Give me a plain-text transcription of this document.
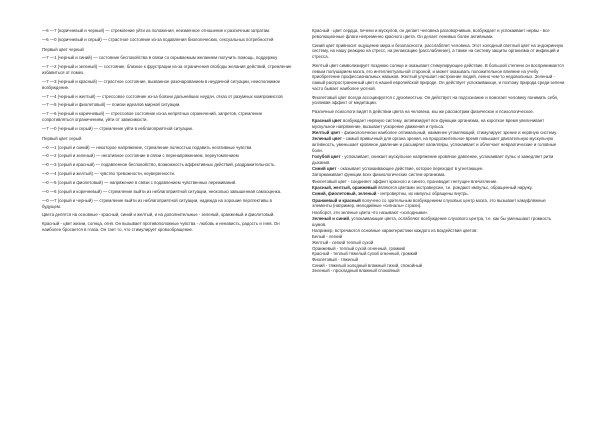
—6 —7 (коричневый и черный) — стремление уйти из положения, неизменное отношение к различным затратам.

—6 —0 (коричневый и серый) — страстное состояние из-за подавления биологических, сексуальных потребностей

Первый цвет черный

—7 —1 (черный и синий) — состояние беспокойства в связи со скрываемым желанием получить помощь, поддержку

—7 —2 (черный и зеленый) — состояние, близкое к фрустрации из-за ограничения свободы желания действий, стремление избавиться от помех.

—7 —3 (черный и красный) — страстное состояние, вызванное разочарованием в неудачной ситуации, неисполнимое возбуждение.

—7 —4 (черный и желтый) — стрессовое состояние из-за боязни дальнейших неудач, отказ от разумных компромиссов

—7 —5 (черный и фиолетовый) — поиски идеалов мирной ситуации.

—7 —6 (черный и коричневый) — стрессовое состояние из-за непрятных ограничений, запретов, стремление сопротивляться ограничениям, уйти от зависимости.

—7 —0 (черный и серый) — стремление уйти в неблагоприятной ситуации.

Первый цвет серый

—0 —1 (серый и синий) — некоторое напряжение, стремление полностью подавить негативные чувства

—0 —2 (серый и зеленый) — негативное состояние в связи с перенапряжением, переутомлением

—0 —3 (серый и красный) — подавленное беспокойство, возможность аффективных действий, раздражительность.

—0 —4 (серый и желтый) — чувство тревожности, неуверенности.

—0 —5 (серый и фиолетовый) — напряжение в связи с подавлением чувственных переживаний.

—0 —6 (серый и коричневый) — стремление выйти из неблагоприятной ситуации, несколько завышенная самооценка.

—0 —7 (серый и черный) — стремление выйти из неблагоприятной ситуации, надежда на хорошие перспективы в будущем.

Цвета делятся на основные - красный, синий и желтый, и на дополнительные - зеленый, оранжевый и фиолетовый.

Красный - цвет жизни, солнца, огня. Он вызывает противоположные чувства - любовь и ненависть, радость и гнев. Он наиболее бросается в глаза. Он тает то, что стимулирует кровообращение.

Красный - цвет сердца, печени и мускулов, он делает человека разговорчивым, возбуждает и успокаивает нервы - все революционные флаги непременно красного цвета. Он делает ленивых более активными.

Синий цвет привносит ощущение мира и безопасности, расслабляет человека. Этот холодный светлый цвет на эндокринную систему, на нашу реакцию на стресс, на релаксацию (расслабление), а также на систему защиты организма от инфекций и стресса.

Желтый цвет символизирует позднюю солнце и оказывает стимулирующее действие. В большой степени он воспринимается левым полушарием мозга, его интеллектуальной стороной, и может оказывать положительное влияние на учебу приобретение профессиональных навыков. Желтый улучшает настроение людей, ленно чем-то недовольных. Зеленый - самый распространенный цвет в нашей европейской природе. Он действует успокаивающе, и поэтому природа среди зелени часто бывает наиболее уютной.

Фиолетовый цвет всегда ассоциируется с духовностью. Он действует на подсознание и помогает человеку понимать себя, усиливая эффект от медитации.

Различные психологи видят в действии цвета на человека, мы же рассмотрим физическое и психологическое.

Красный цвет возбуждает нервную систему, активизирует все функции организма, на короткое время увеличивает мускульное напряжение, вызывает ускорение движения и пульса.
Желтый цвет - физиологически наиболее оптимальный, наименее утомляющий, стимулирует зрение и нервную систему.
Зеленый цвет - самый привычный для органа зрения, на продолжительное время повышает двигательную мускульную активность, уменьшает кровяное давление и расширяет капилляры, успокаивает и облегчает невралгические и головные боли.
Голубой цвет - успокаивает, снижает мускульное напряжение кровяное давление, успокаивает пульс и замедляет ритм дыхания.
Синий цвет - оказывает успокаивающее действие, которое переходит в угнетающее.
Затормаживает функции всех физиологических систем организма.
Фиолетовый цвет - соединяет эффект красного и синего, производит гнетущее впечатление.
Красный, желтый, оранжевый являются цветами экстраверсии, т.е. рождают импульс, обращенный наружу.
Синий, фиолетовый, зеленый - интровертны, их импульс обращены внутрь.
Оранжевый и красный получено со зрительным возбуждением слуховых центр мозга, это вызывает камуфляжные элементы (например, мелодийные «сигналы» страхи).
Наоборот, эти зеленые цвета что называют «холодными».
Зеленый и синий, успокаивающие цвета, ослабляют возбуждение слухового центра, т.е. как бы уменьшают громкость шумов.
Например, встречаются основные характеристики каждого из воздействия цветов:

Белый - легкий

Желтый - легкий теплый сухой

Оранжевый - теплый сухой огненный, громкий

Красный - теплый тяжелый сухой огненный, громкий

Фиолетовый - тяжелый

Синий - тяжелый холодный влажный тихий, спокойный

Зеленый - прохладный влажный спокойный
